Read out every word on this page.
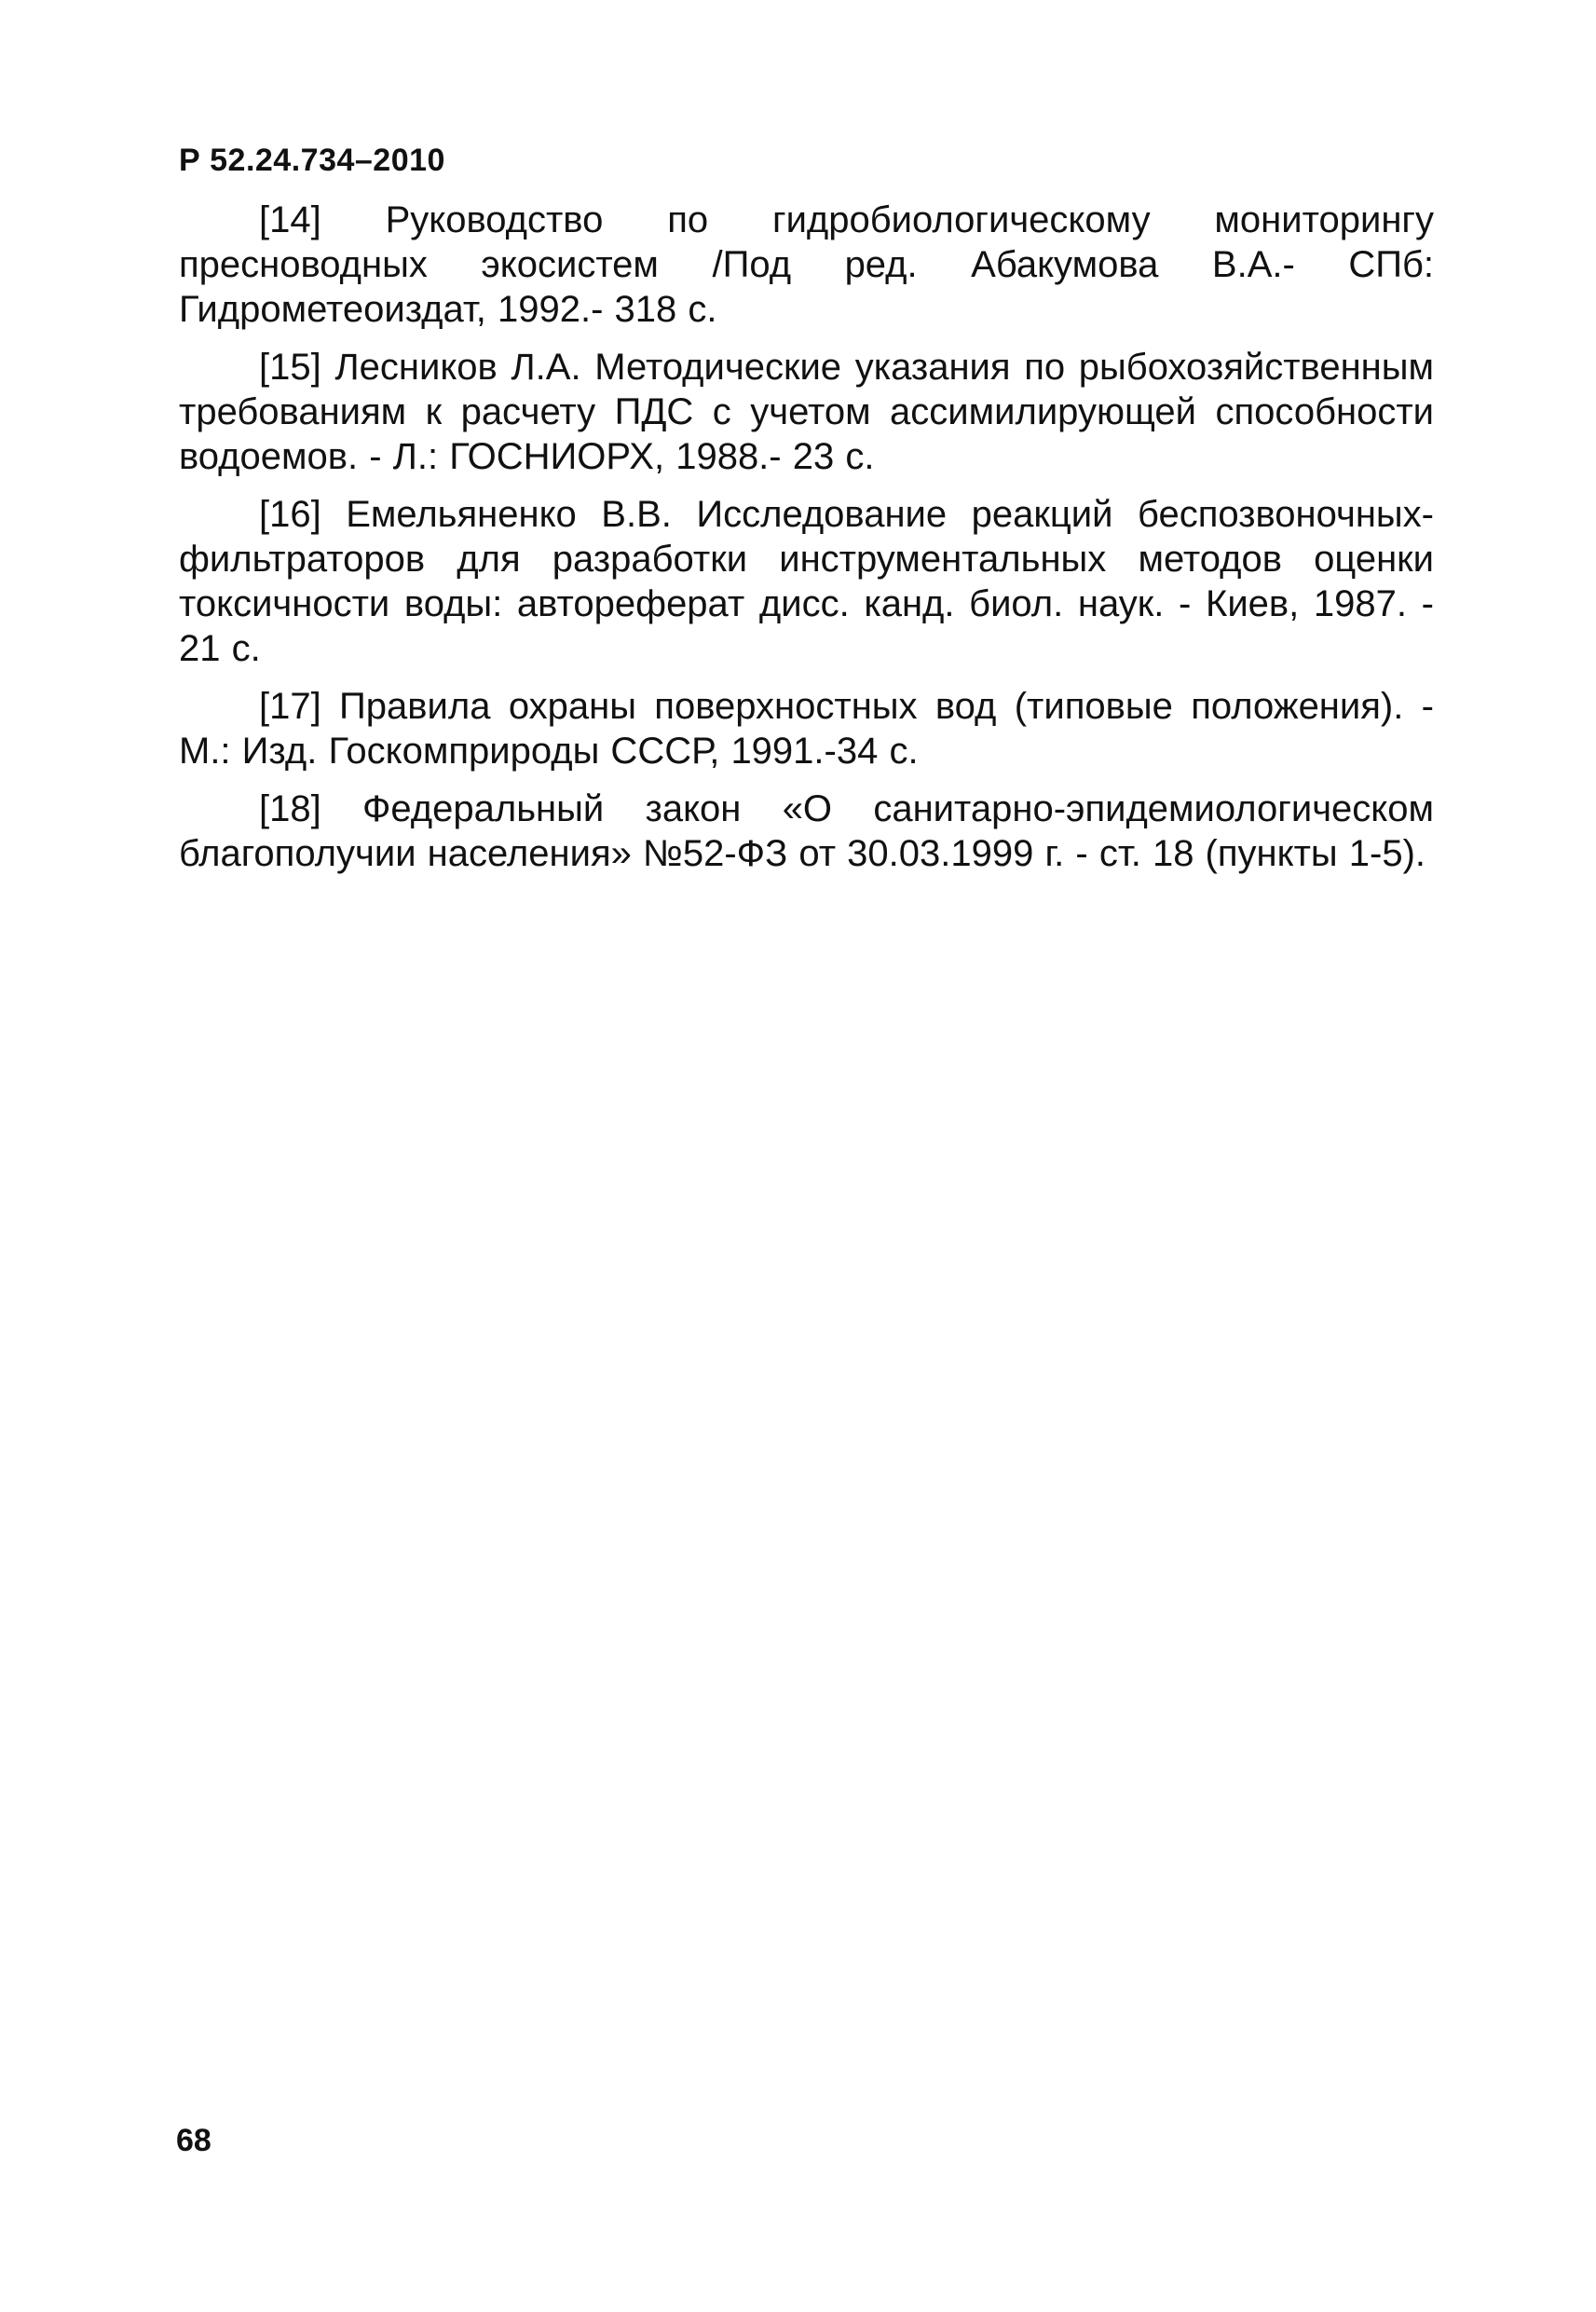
Р 52.24.734–2010

[14] Руководство по гидробиологическому мониторингу пресноводных экосистем /Под ред. Абакумова В.А.- СПб: Гидрометеоиздат, 1992.- 318 с.

[15] Лесников Л.А. Методические указания по рыбохозяйственным требованиям к расчету ПДС с учетом ассимилирующей способности водоемов. - Л.: ГОСНИОРХ, 1988.- 23 с.

[16] Емельяненко В.В. Исследование реакций беспозвоночных-фильтраторов для разработки инструментальных методов оценки токсичности воды: автореферат дисс. канд. биол. наук. - Киев, 1987. - 21 с.

[17] Правила охраны поверхностных вод (типовые положения). - М.: Изд. Госкомприроды СССР, 1991.-34 с.

[18] Федеральный закон «О санитарно-эпидемиологическом благополучии населения» №52-ФЗ от 30.03.1999 г. - ст. 18 (пункты 1-5).

68
